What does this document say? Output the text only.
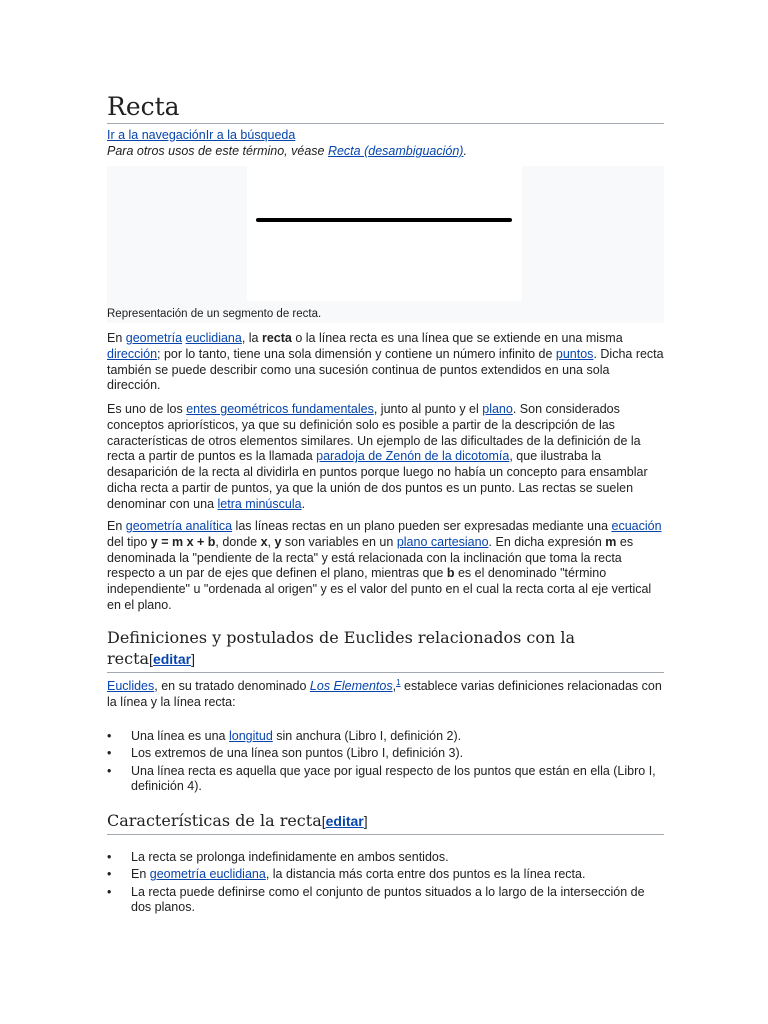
Recta
Ir a la navegaciónIr a la búsqueda
Para otros usos de este término, véase Recta (desambiguación).
Representación de un segmento de recta.

En geometría euclidiana, la recta o la línea recta es una línea que se extiende en una misma dirección; por lo tanto, tiene una sola dimensión y contiene un número infinito de puntos. Dicha recta también se puede describir como una sucesión continua de puntos extendidos en una sola dirección.

Es uno de los entes geométricos fundamentales, junto al punto y el plano. Son considerados conceptos apriorísticos, ya que su definición solo es posible a partir de la descripción de las características de otros elementos similares. Un ejemplo de las dificultades de la definición de la recta a partir de puntos es la llamada paradoja de Zenón de la dicotomía, que ilustraba la desaparición de la recta al dividirla en puntos porque luego no había un concepto para ensamblar dicha recta a partir de puntos, ya que la unión de dos puntos es un punto. Las rectas se suelen denominar con una letra minúscula.

En geometría analítica las líneas rectas en un plano pueden ser expresadas mediante una ecuación del tipo y = m x + b, donde x, y son variables en un plano cartesiano. En dicha expresión m es denominada la "pendiente de la recta" y está relacionada con la inclinación que toma la recta respecto a un par de ejes que definen el plano, mientras que b es el denominado "término independiente" u "ordenada al origen" y es el valor del punto en el cual la recta corta al eje vertical en el plano.

Definiciones y postulados de Euclides relacionados con la recta[editar]

Euclides, en su tratado denominado Los Elementos,$^1$ establece varias definiciones relacionadas con la línea y la línea recta:

• Una línea es una longitud sin anchura (Libro I, definición 2).
• Los extremos de una línea son puntos (Libro I, definición 3).
• Una línea recta es aquella que yace por igual respecto de los puntos que están en ella (Libro I, definición 4).
Características de la recta[editar]
• La recta se prolonga indefinidamente en ambos sentidos.
• En geometría euclidiana, la distancia más corta entre dos puntos es la línea recta.
• La recta puede definirse como el conjunto de puntos situados a lo largo de la intersección de dos planos.
